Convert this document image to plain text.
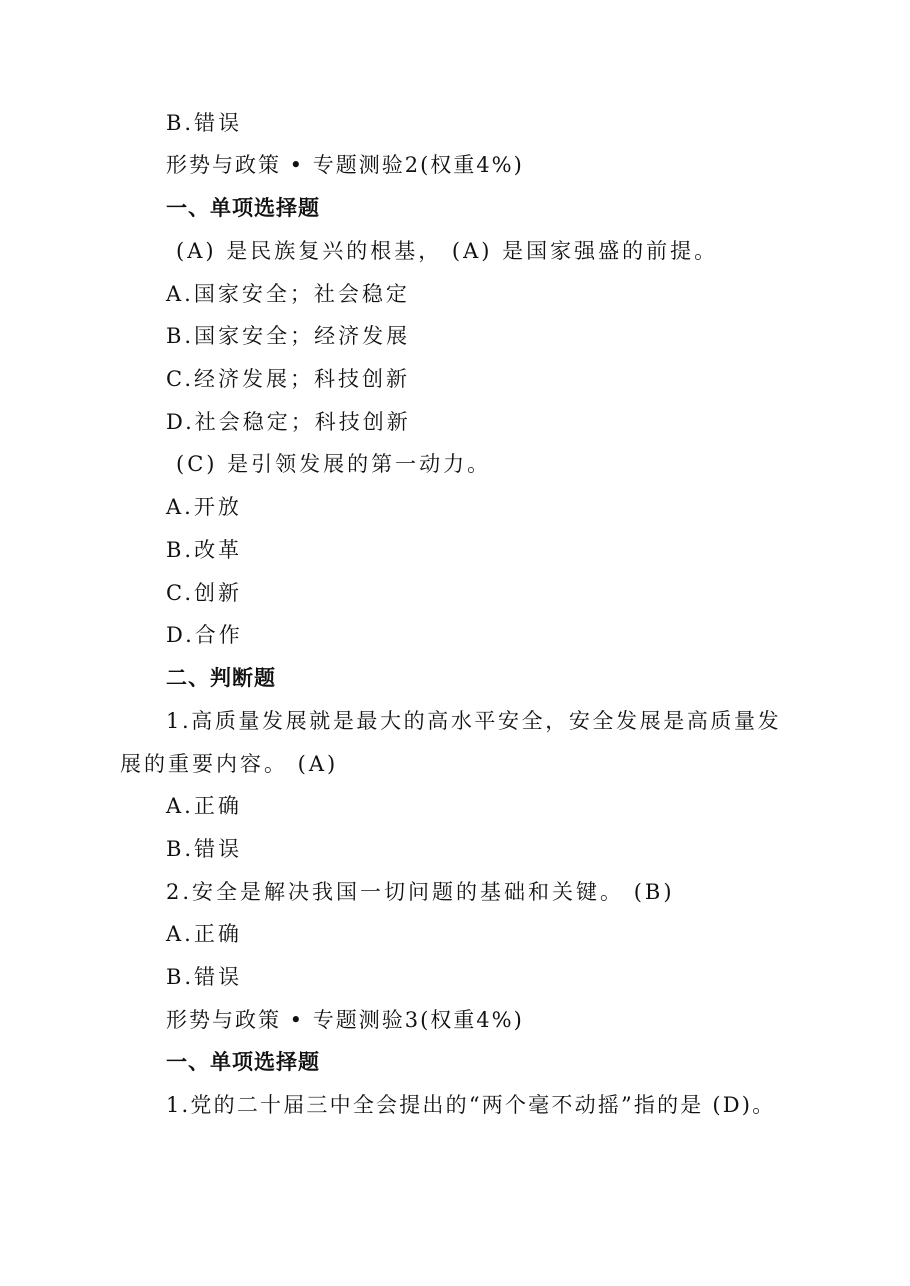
B.错误
形势与政策 • 专题测验2(权重4%)
一、单项选择题
(A) 是民族复兴的根基， (A) 是国家强盛的前提。
A.国家安全；社会稳定
B.国家安全；经济发展
C.经济发展；科技创新
D.社会稳定；科技创新
(C) 是引领发展的第一动力。
A.开放
B.改革
C.创新
D.合作
二、判断题
1.高质量发展就是最大的高水平安全，安全发展是高质量发
展的重要内容。 (A)
A.正确
B.错误
2.安全是解决我国一切问题的基础和关键。 (B)
A.正确
B.错误
形势与政策 • 专题测验3(权重4%)
一、单项选择题
1.党的二十届三中全会提出的“两个毫不动摇”指的是 (D)。
